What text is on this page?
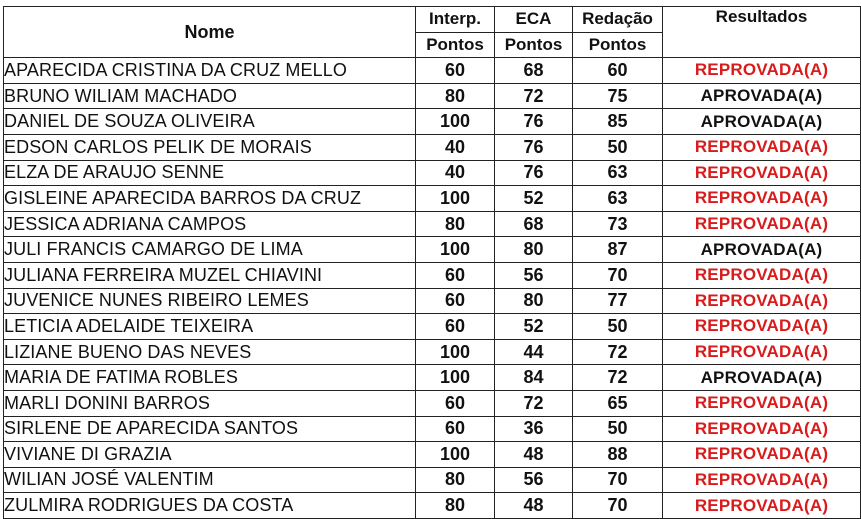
Nome	Interp.	ECA	Redação	Resultados
	Pontos	Pontos	Pontos	
APARECIDA CRISTINA DA CRUZ MELLO	60	68	60	REPROVADA(A)
BRUNO WILIAM MACHADO	80	72	75	APROVADA(A)
DANIEL DE SOUZA OLIVEIRA	100	76	85	APROVADA(A)
EDSON CARLOS PELIK DE MORAIS	40	76	50	REPROVADA(A)
ELZA DE ARAUJO SENNE	40	76	63	REPROVADA(A)
GISLEINE APARECIDA BARROS DA CRUZ	100	52	63	REPROVADA(A)
JESSICA ADRIANA CAMPOS	80	68	73	REPROVADA(A)
JULI FRANCIS CAMARGO DE LIMA	100	80	87	APROVADA(A)
JULIANA FERREIRA MUZEL CHIAVINI	60	56	70	REPROVADA(A)
JUVENICE NUNES RIBEIRO LEMES	60	80	77	REPROVADA(A)
LETICIA ADELAIDE TEIXEIRA	60	52	50	REPROVADA(A)
LIZIANE BUENO DAS NEVES	100	44	72	REPROVADA(A)
MARIA DE FATIMA ROBLES	100	84	72	APROVADA(A)
MARLI DONINI BARROS	60	72	65	REPROVADA(A)
SIRLENE DE APARECIDA SANTOS	60	36	50	REPROVADA(A)
VIVIANE DI GRAZIA	100	48	88	REPROVADA(A)
WILIAN JOSÉ VALENTIM	80	56	70	REPROVADA(A)
ZULMIRA RODRIGUES DA COSTA	80	48	70	REPROVADA(A)
